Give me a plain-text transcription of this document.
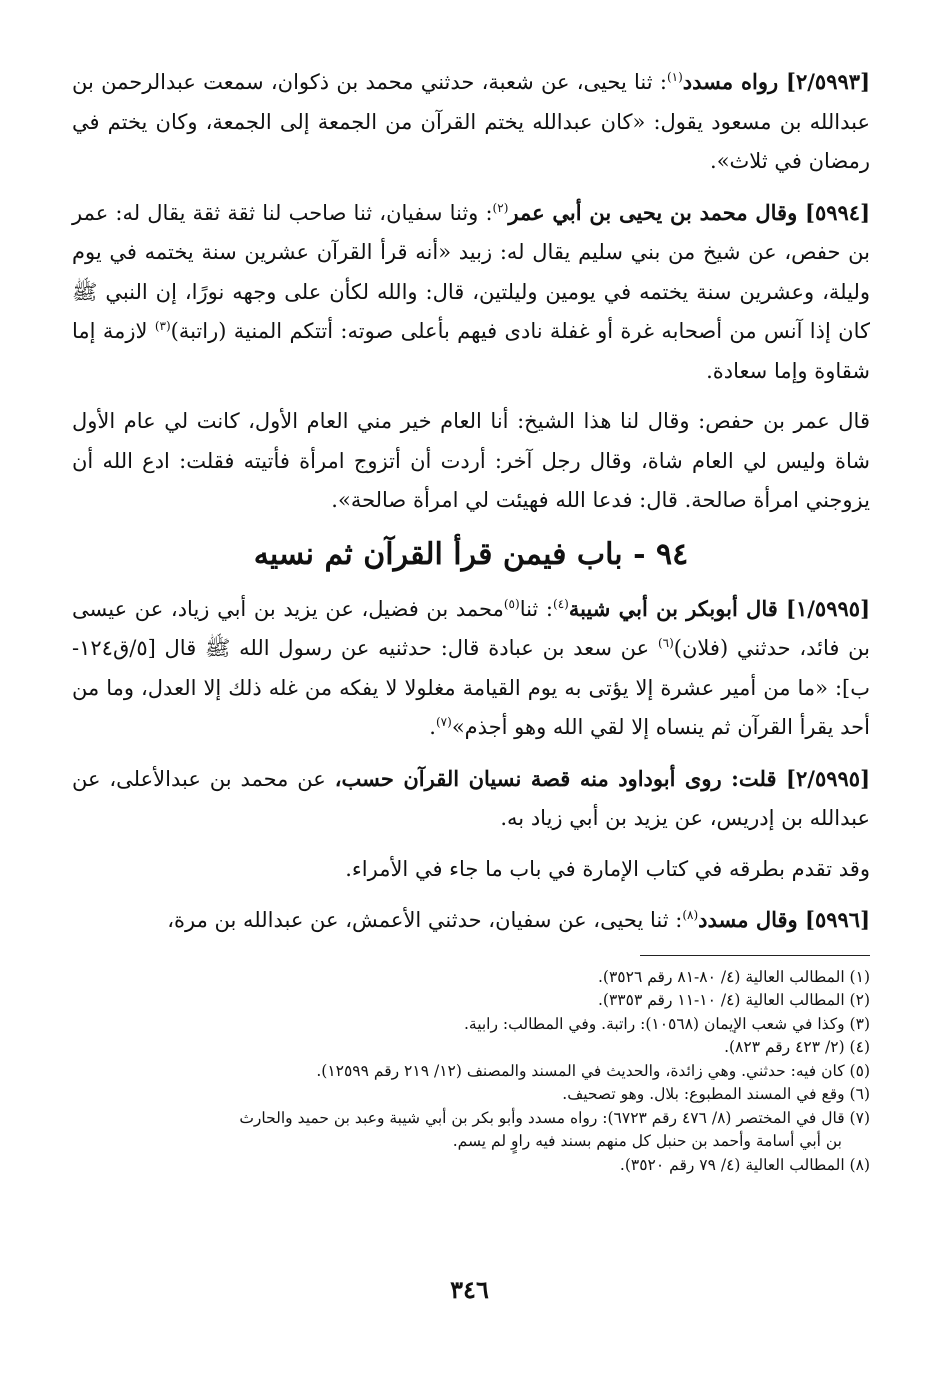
[٢/٥٩٩٣] رواه مسدد$^{(١)}$: ثنا يحيى، عن شعبة، حدثني محمد بن ذكوان، سمعت عبدالرحمن بن عبدالله بن مسعود يقول: «كان عبدالله يختم القرآن من الجمعة إلى الجمعة، وكان يختم في رمضان في ثلاث».

[٥٩٩٤] وقال محمد بن يحيى بن أبي عمر$^{(٢)}$: وثنا سفيان، ثنا صاحب لنا ثقة ثقة يقال له: عمر بن حفص، عن شيخ من بني سليم يقال له: زبيد «أنه قرأ القرآن عشرين سنة يختمه في يوم وليلة، وعشرين سنة يختمه في يومين وليلتين، قال: والله لكأن على وجهه نورًا، إن النبي ﷺ كان إذا آنس من أصحابه غرة أو غفلة نادى فيهم بأعلى صوته: أتتكم المنية (راتبة)$^{(٣)}$ لازمة إما شقاوة وإما سعادة.

قال عمر بن حفص: وقال لنا هذا الشيخ: أنا العام خير مني العام الأول، كانت لي عام الأول شاة وليس لي العام شاة، وقال رجل آخر: أردت أن أتزوج امرأة فأتيته فقلت: ادع الله أن يزوجني امرأة صالحة. قال: فدعا الله فهيئت لي امرأة صالحة».

٩٤ - باب فيمن قرأ القرآن ثم نسيه

[١/٥٩٩٥] قال أبوبكر بن أبي شيبة$^{(٤)}$: ثنا$^{(٥)}$محمد بن فضيل، عن يزيد بن أبي زياد، عن عيسى بن فائد، حدثني (فلان)$^{(٦)}$ عن سعد بن عبادة قال: حدثنيه عن رسول الله ﷺ قال [٥/ق١٢٤-ب]: «ما من أمير عشرة إلا يؤتى به يوم القيامة مغلولا لا يفكه من غله ذلك إلا العدل، وما من أحد يقرأ القرآن ثم ينساه إلا لقي الله وهو أجذم»$^{(٧)}$.

[٢/٥٩٩٥] قلت: روى أبوداود منه قصة نسيان القرآن حسب، عن محمد بن عبدالأعلى، عن عبدالله بن إدريس، عن يزيد بن أبي زياد به.

وقد تقدم بطرقه في كتاب الإمارة في باب ما جاء في الأمراء.

[٥٩٩٦] وقال مسدد$^{(٨)}$: ثنا يحيى، عن سفيان، حدثني الأعمش، عن عبدالله بن مرة،

(١) المطالب العالية (٤/ ٨٠-٨١ رقم ٣٥٢٦).

(٢) المطالب العالية (٤/ ١٠-١١ رقم ٣٣٥٣).

(٣) وكذا في شعب الإيمان (١٠٥٦٨): راتبة. وفي المطالب: رابية.

(٤) (٢/ ٤٢٣ رقم ٨٢٣).

(٥) كان فيه: حدثني. وهي زائدة، والحديث في المسند والمصنف (١٢/ ٢١٩ رقم ١٢٥٩٩).

(٦) وقع في المسند المطبوع: بلال. وهو تصحيف.

(٧) قال في المختصر (٨/ ٤٧٦ رقم ٦٧٢٣): رواه مسدد وأبو بكر بن أبي شيبة وعبد بن حميد والحارث

بن أبي أسامة وأحمد بن حنبل كل منهم بسند فيه راوٍ لم يسم.

(٨) المطالب العالية (٤/ ٧٩ رقم ٣٥٢٠).

٣٤٦
